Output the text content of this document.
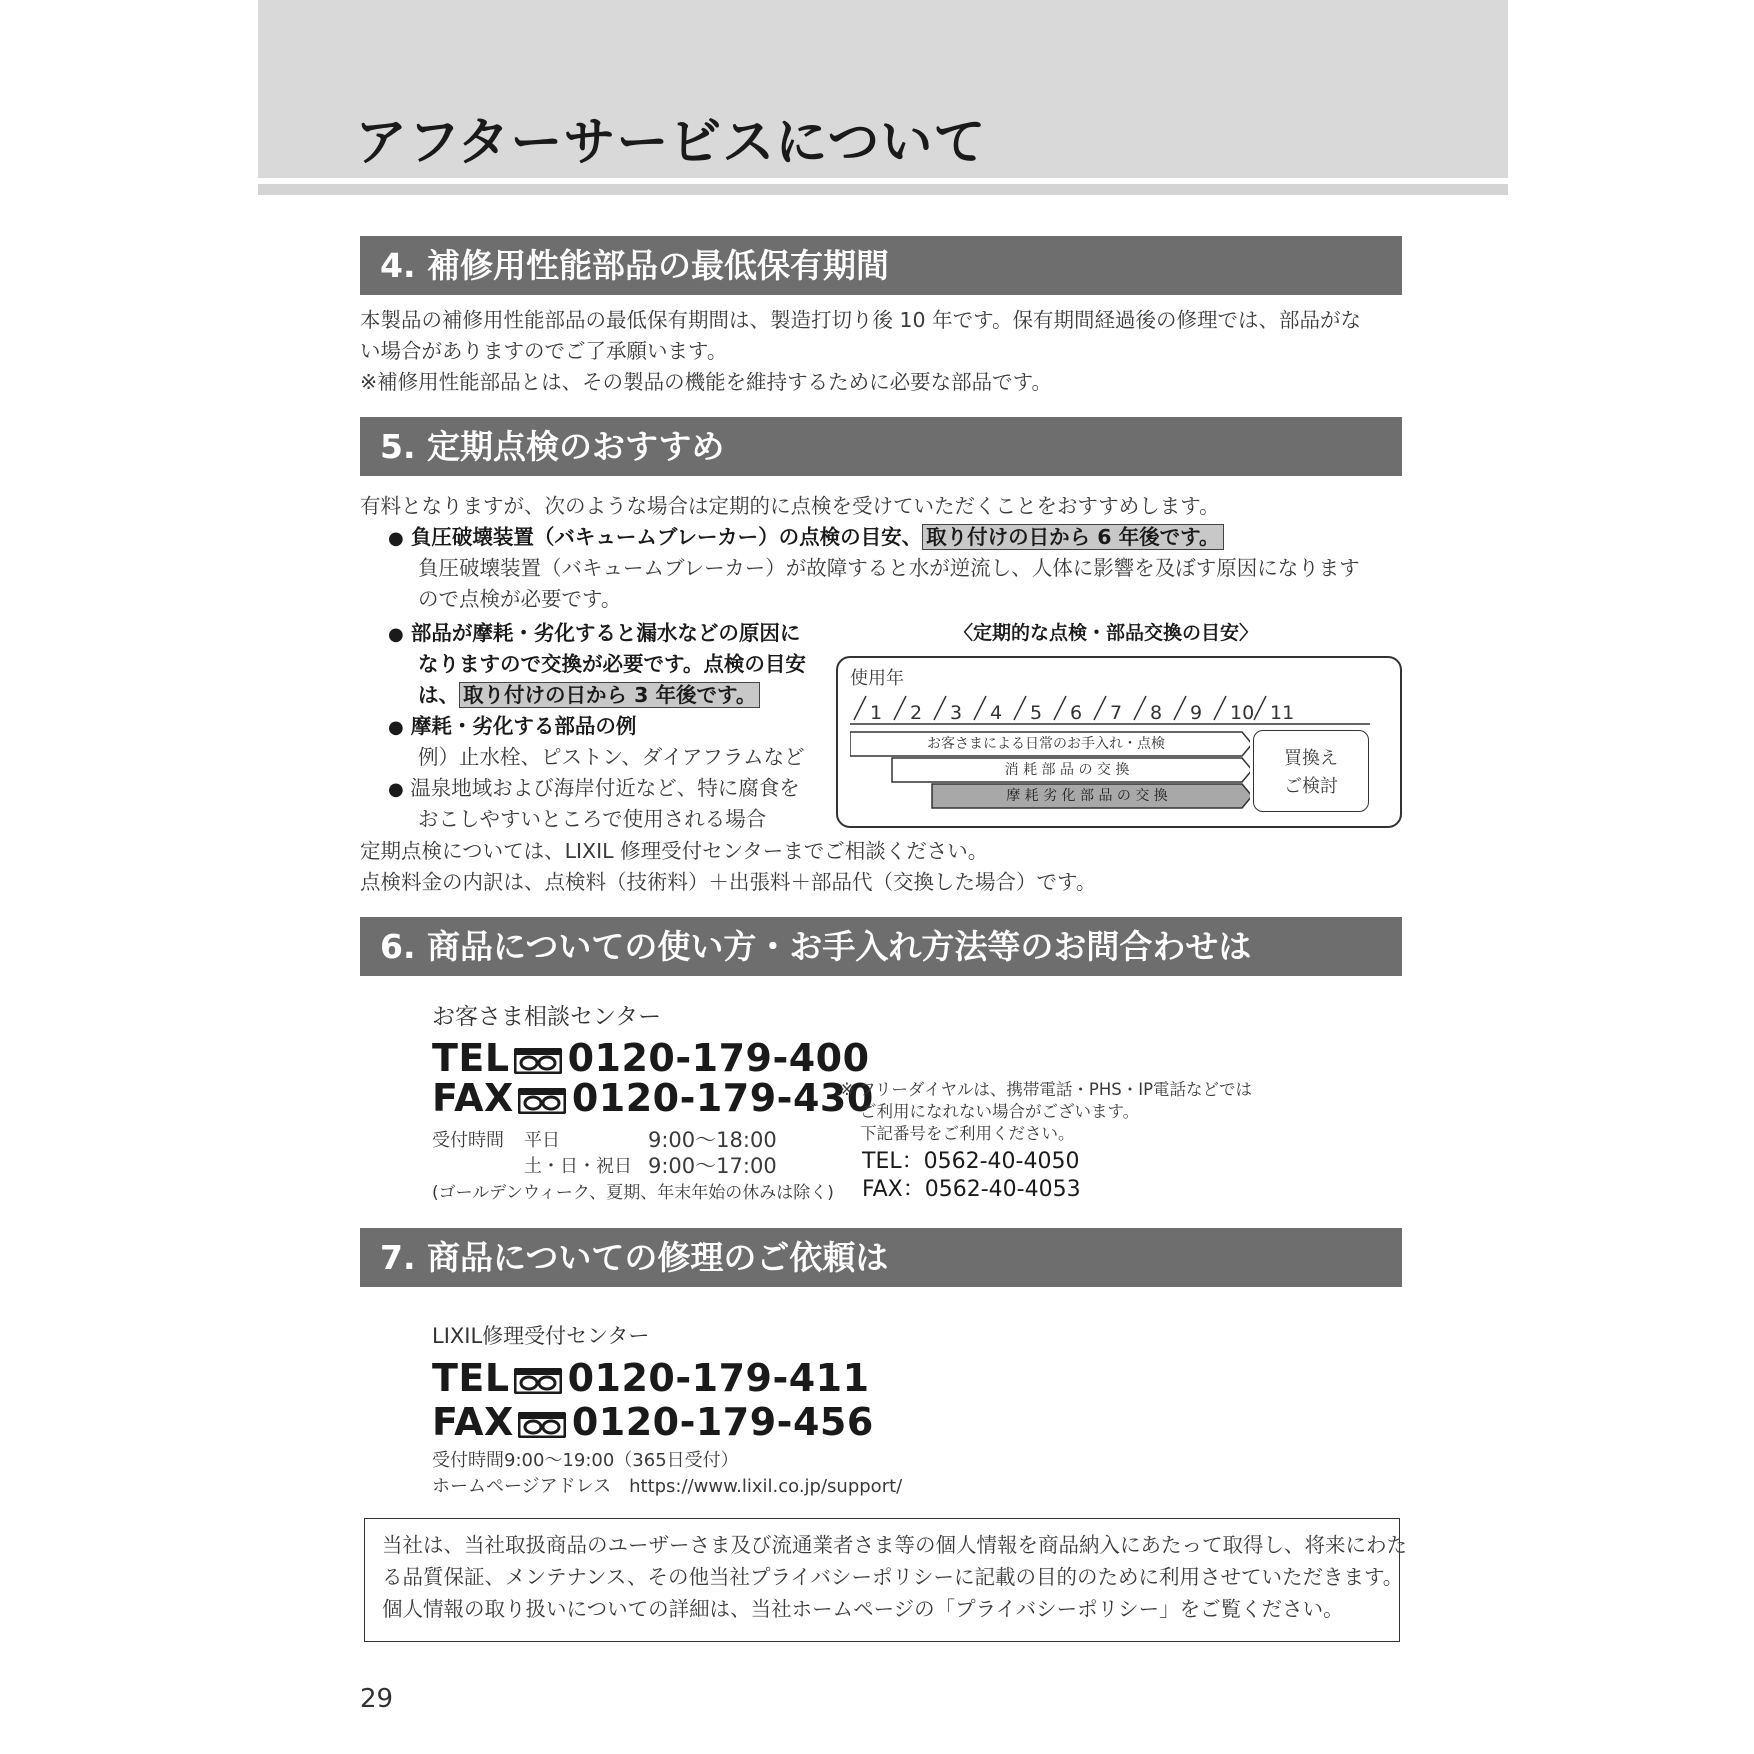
アフターサービスについて
4. 補修用性能部品の最低保有期間
本製品の補修用性能部品の最低保有期間は、製造打切り後 10 年です。保有期間経過後の修理では、部品がな
い場合がありますのでご了承願います。
※補修用性能部品とは、その製品の機能を維持するために必要な部品です。
5. 定期点検のおすすめ
有料となりますが、次のような場合は定期的に点検を受けていただくことをおすすめします。
● 負圧破壊装置（バキュームブレーカー）の点検の目安、 取り付けの日から 6 年後です。
負圧破壊装置（バキュームブレーカー）が故障すると水が逆流し、人体に影響を及ぼす原因になります
ので点検が必要です。
● 部品が摩耗・劣化すると漏水などの原因に
なりますので交換が必要です。点検の目安
は、 取り付けの日から 3 年後です。
● 摩耗・劣化する部品の例
例）止水栓、ピストン、ダイアフラムなど
● 温泉地域および海岸付近など、特に腐食を
おこしやすいところで使用される場合
〈定期的な点検・部品交換の目安〉
使用年
1 2 3 4 5 6 7 8 9 10 11
お客さまによる日常のお手入れ・点検
消 耗 部 品 の 交 換
摩 耗 劣 化 部 品 の 交 換
買換え
ご検討
定期点検については、LIXIL 修理受付センターまでご相談ください。
点検料金の内訳は、点検料（技術料）＋出張料＋部品代（交換した場合）です。
6. 商品についての使い方・お手入れ方法等のお問合わせは
お客さま相談センター
TEL 0120-179-400
FAX 0120-179-430
受付時間 平日	9:00〜18:00
土・日・祝日 9:00〜17:00
(ゴールデンウィーク、夏期、年末年始の休みは除く)
※ フリーダイヤルは、携帯電話・PHS・IP電話などでは
ご利用になれない場合がございます。
下記番号をご利用ください。
TEL：0562-40-4050
FAX：0562-40-4053
7. 商品についての修理のご依頼は
LIXIL修理受付センター
TEL 0120-179-411
FAX 0120-179-456
受付時間9:00〜19:00（365日受付）
ホームページアドレス　https://www.lixil.co.jp/support/
当社は、当社取扱商品のユーザーさま及び流通業者さま等の個人情報を商品納入にあたって取得し、将来にわた
る品質保証、メンテナンス、その他当社プライバシーポリシーに記載の目的のために利用させていただきます。
個人情報の取り扱いについての詳細は、当社ホームページの「プライバシーポリシー」をご覧ください。
29
